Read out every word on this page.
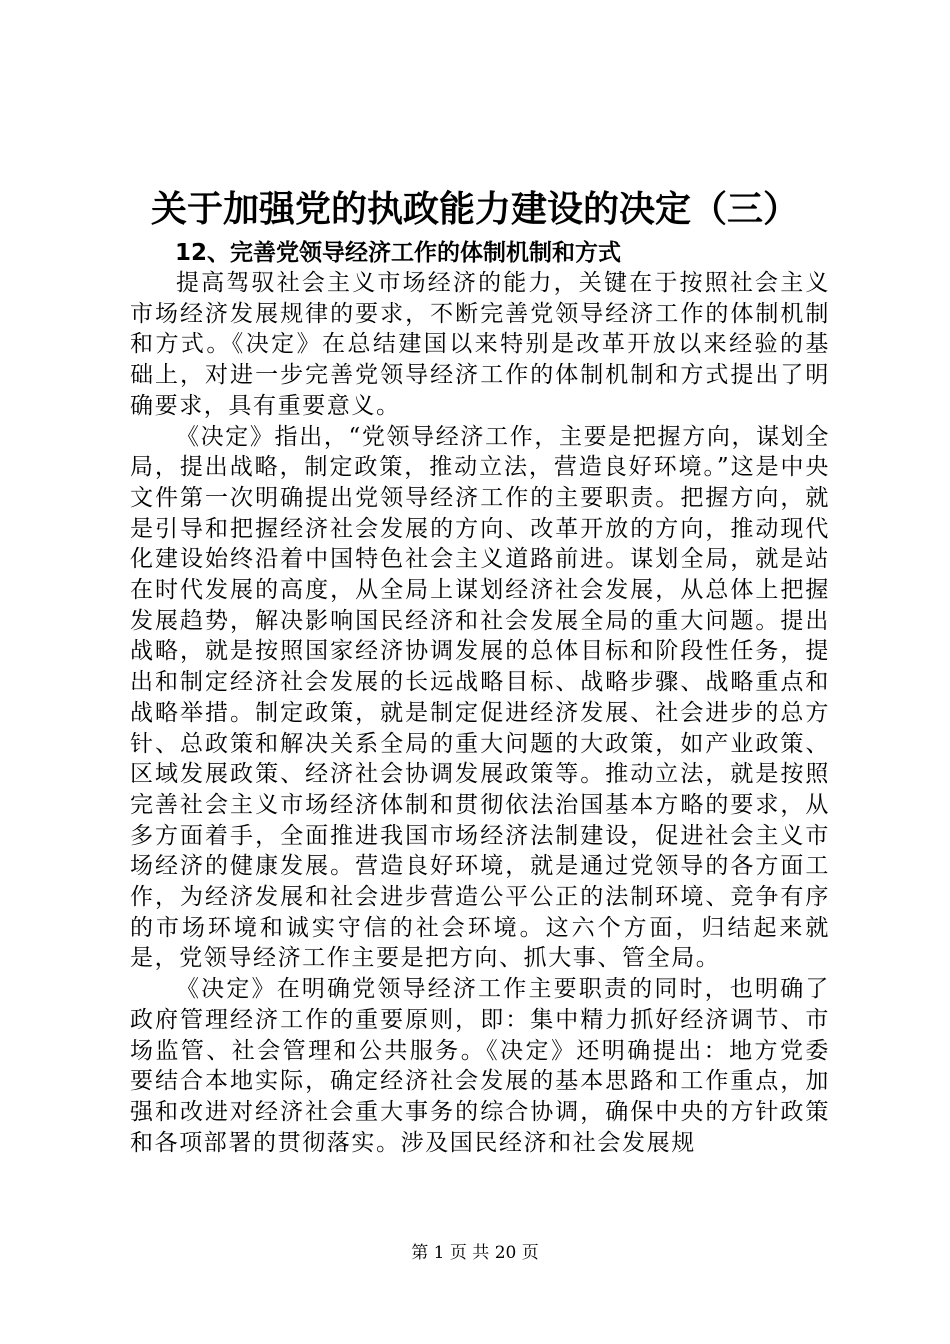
关于加强党的执政能力建设的决定（三）
12、完善党领导经济工作的体制机制和方式

提高驾驭社会主义市场经济的能力，关键在于按照社会主义市场经济发展规律的要求，不断完善党领导经济工作的体制机制和方式。《决定》在总结建国以来特别是改革开放以来经验的基础上，对进一步完善党领导经济工作的体制机制和方式提出了明确要求，具有重要意义。

《决定》指出，“党领导经济工作，主要是把握方向，谋划全局，提出战略，制定政策，推动立法，营造良好环境。”这是中央文件第一次明确提出党领导经济工作的主要职责。把握方向，就是引导和把握经济社会发展的方向、改革开放的方向，推动现代化建设始终沿着中国特色社会主义道路前进。谋划全局，就是站在时代发展的高度，从全局上谋划经济社会发展，从总体上把握发展趋势，解决影响国民经济和社会发展全局的重大问题。提出战略，就是按照国家经济协调发展的总体目标和阶段性任务，提出和制定经济社会发展的长远战略目标、战略步骤、战略重点和战略举措。制定政策，就是制定促进经济发展、社会进步的总方针、总政策和解决关系全局的重大问题的大政策，如产业政策、区域发展政策、经济社会协调发展政策等。推动立法，就是按照完善社会主义市场经济体制和贯彻依法治国基本方略的要求，从多方面着手，全面推进我国市场经济法制建设，促进社会主义市场经济的健康发展。营造良好环境，就是通过党领导的各方面工作，为经济发展和社会进步营造公平公正的法制环境、竞争有序的市场环境和诚实守信的社会环境。这六个方面，归结起来就是，党领导经济工作主要是把方向、抓大事、管全局。

《决定》在明确党领导经济工作主要职责的同时，也明确了政府管理经济工作的重要原则，即：集中精力抓好经济调节、市场监管、社会管理和公共服务。《决定》还明确提出：地方党委要结合本地实际，确定经济社会发展的基本思路和工作重点，加强和改进对经济社会重大事务的综合协调，确保中央的方针政策和各项部署的贯彻落实。涉及国民经济和社会发展规

第 1 页 共 20 页
